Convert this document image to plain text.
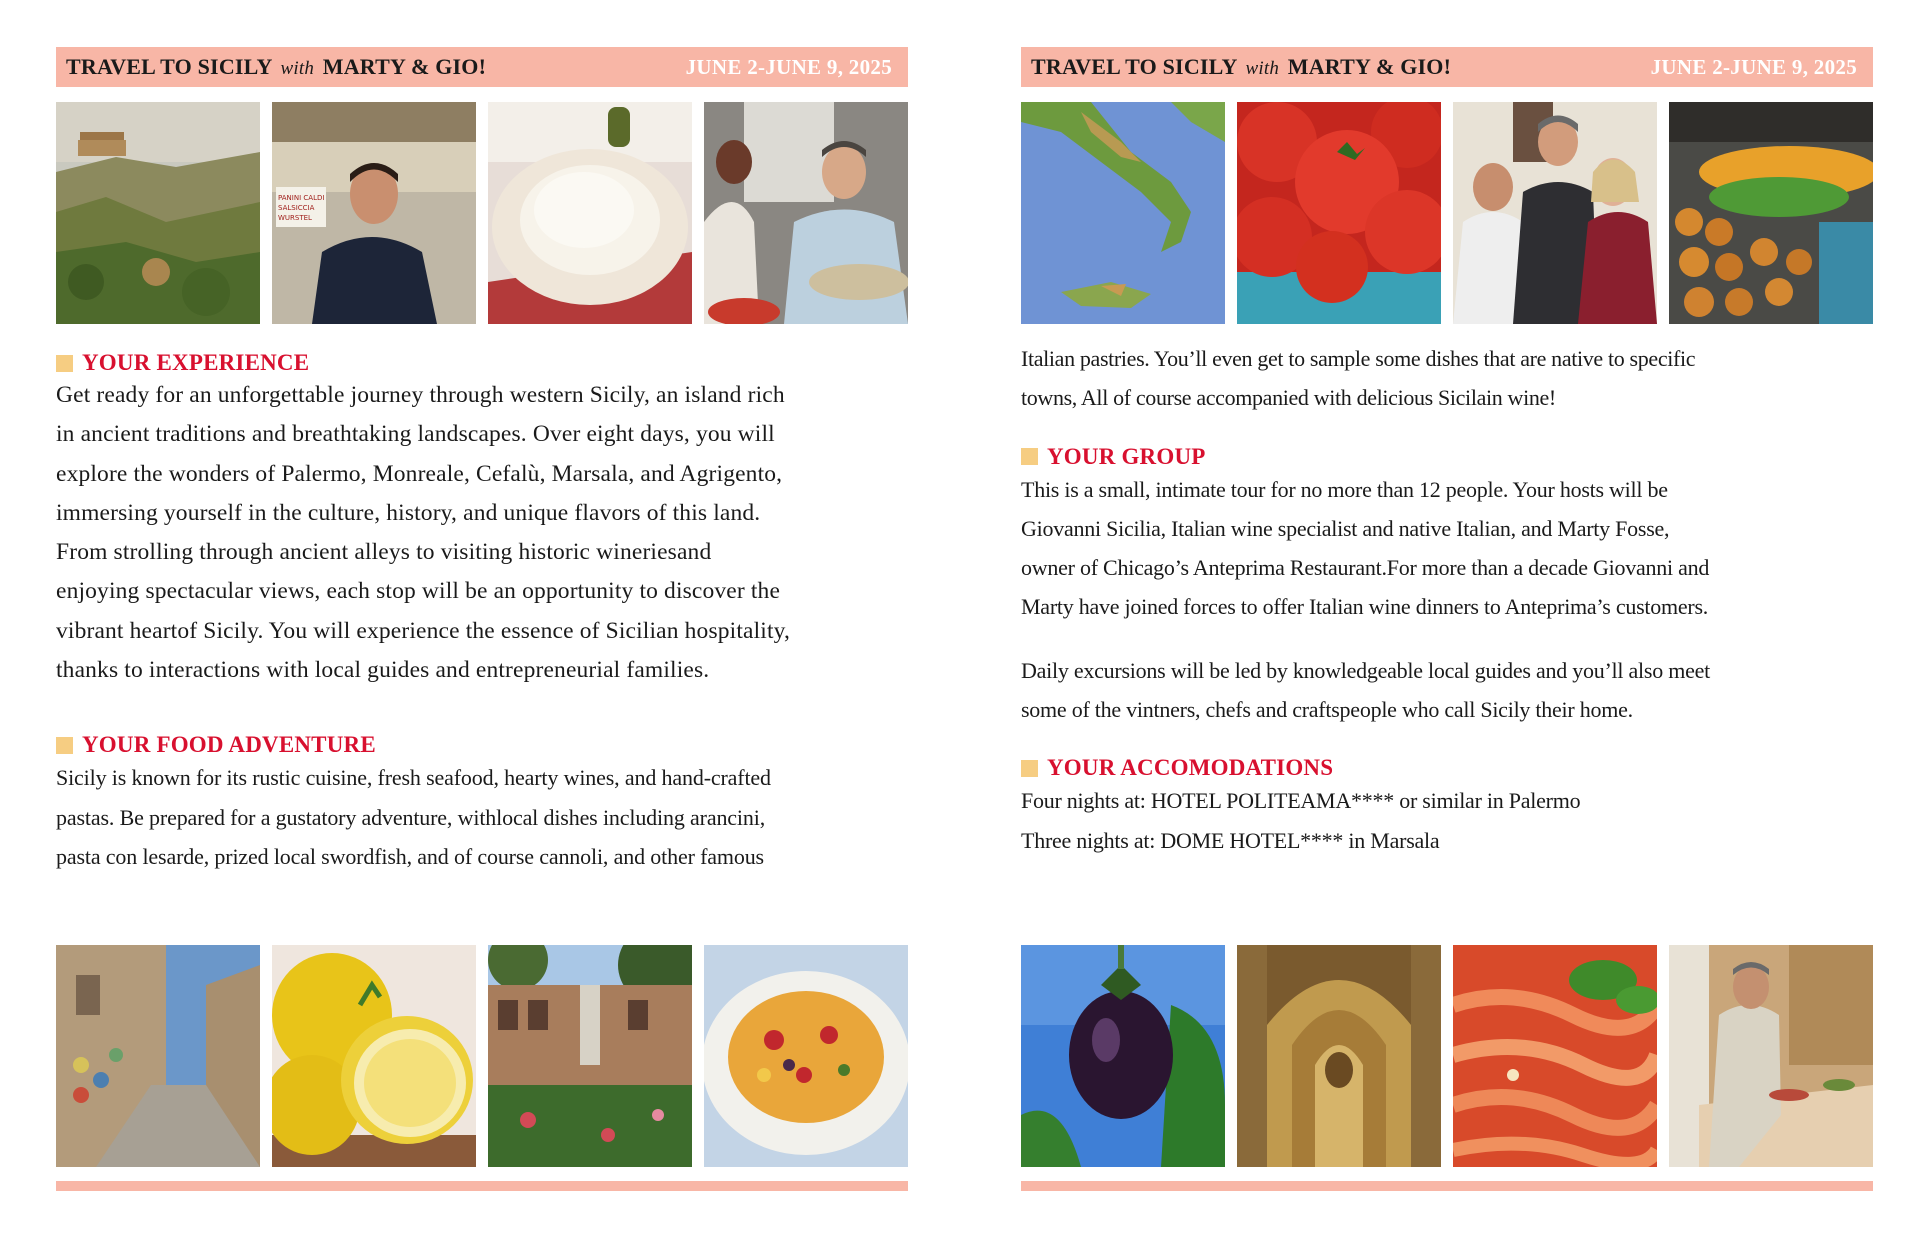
TRAVEL TO SICILY with MARTY & GIO!	JUNE 2-JUNE 9, 2025
PANINI CALDI
SALSICCIA
WURSTEL
YOUR EXPERIENCE
Get ready for an unforgettable journey through western Sicily, an island rich
in ancient traditions and breathtaking landscapes. Over eight days, you will
explore the wonders of Palermo, Monreale, Cefalù, Marsala, and Agrigento,
immersing yourself in the culture, history, and unique flavors of this land.
From strolling through ancient alleys to visiting historic wineriesand
enjoying spectacular views, each stop will be an opportunity to discover the
vibrant heartof Sicily. You will experience the essence of Sicilian hospitality,
thanks to interactions with local guides and entrepreneurial families.
YOUR FOOD ADVENTURE
Sicily is known for its rustic cuisine, fresh seafood, hearty wines, and hand-crafted
pastas. Be prepared for a gustatory adventure, withlocal dishes including arancini,
pasta con lesarde, prized local swordfish, and of course cannoli, and other famous
TRAVEL TO SICILY with MARTY & GIO!	JUNE 2-JUNE 9, 2025
Italian pastries. You’ll even get to sample some dishes that are native to specific
towns, All of course accompanied with delicious Sicilain wine!
YOUR GROUP
This is a small, intimate tour for no more than 12 people. Your hosts will be
Giovanni Sicilia, Italian wine specialist and native Italian, and Marty Fosse,
owner of Chicago’s Anteprima Restaurant.For more than a decade Giovanni and
Marty have joined forces to offer Italian wine dinners to Anteprima’s customers.
Daily excursions will be led by knowledgeable local guides and you’ll also meet
some of the vintners, chefs and craftspeople who call Sicily their home.
YOUR ACCOMODATIONS
Four nights at: HOTEL POLITEAMA**** or similar in Palermo
Three nights at: DOME HOTEL**** in Marsala
